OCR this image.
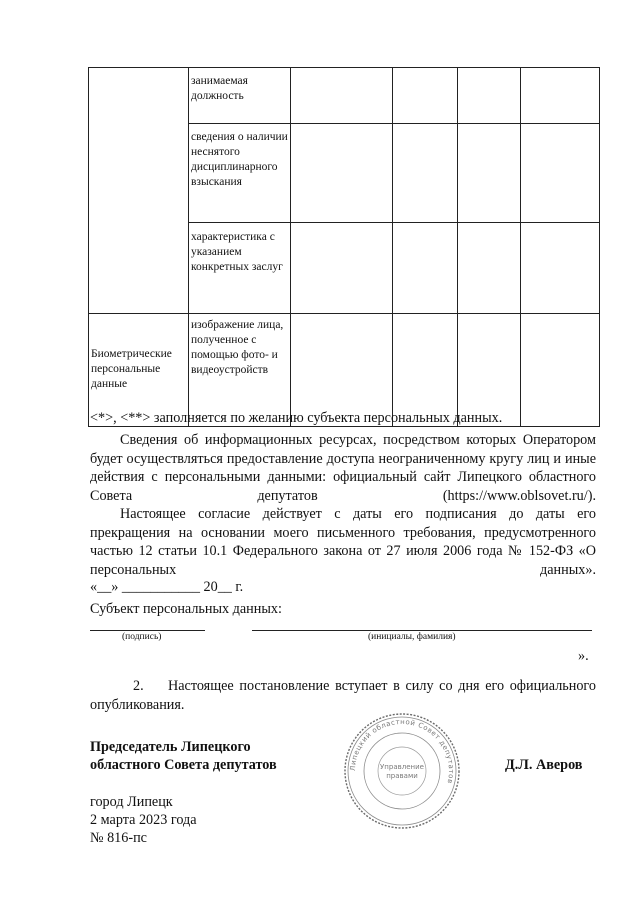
	занимаемая должность				
	сведения о наличии неснятого дисциплинарного взыскания				
	характеристика с указанием конкретных заслуг				

Биометрические персональные данные	изображение лица, полученное с помощью фото- и видеоустройств				
<*>, <**> заполняется по желанию субъекта персональных данных.
Сведения об информационных ресурсах, посредством которых Оператором будет осуществляться предоставление доступа неограниченному кругу лиц и иные действия с персональными данными: официальный сайт Липецкого областного Совета депутатов (https://www.oblsovet.ru/).
Настоящее согласие действует с даты его подписания до даты его прекращения на основании моего письменного требования, предусмотренного частью 12 статьи 10.1 Федерального закона от 27 июля 2006 года № 152-ФЗ «О персональных данных».
«__» ___________ 20__ г.
Субъект персональных данных:
(подпись)	(инициалы, фамилия)
».
2.	Настоящее постановление вступает в силу со дня его официального опубликования.
Председатель Липецкого
областного Совета депутатов	Д.Л. Аверов
Липецкий областной Совет депутатов
Управление
правами
город Липецк
2 марта 2023 года
№ 816-пс
